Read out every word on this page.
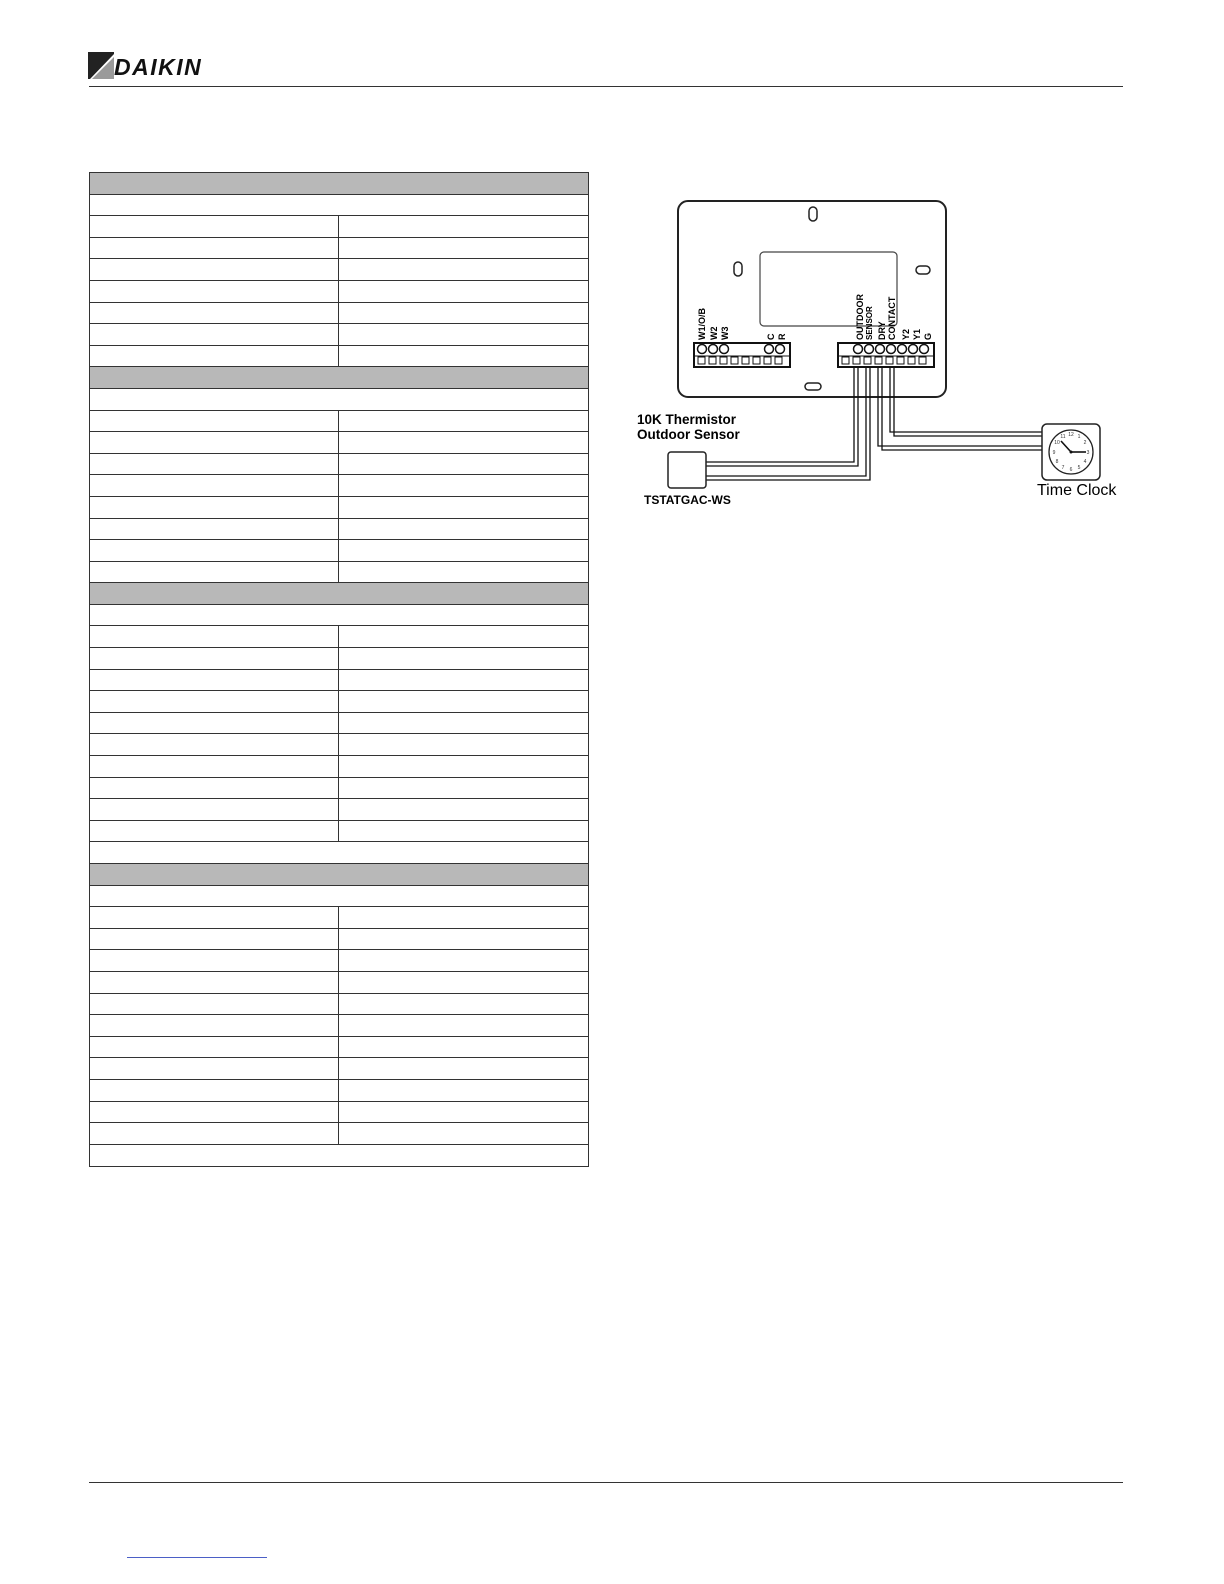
DAIKIN
12 1
2
3
4
5
6
7
8
9
10
11
W1/O/B W2 W3	C R	OUTDOOR SENSOR DRY CONTACT Y2 Y1 G
10K Thermistor
Outdoor Sensor
TSTATGAC-WS
Time Clock
